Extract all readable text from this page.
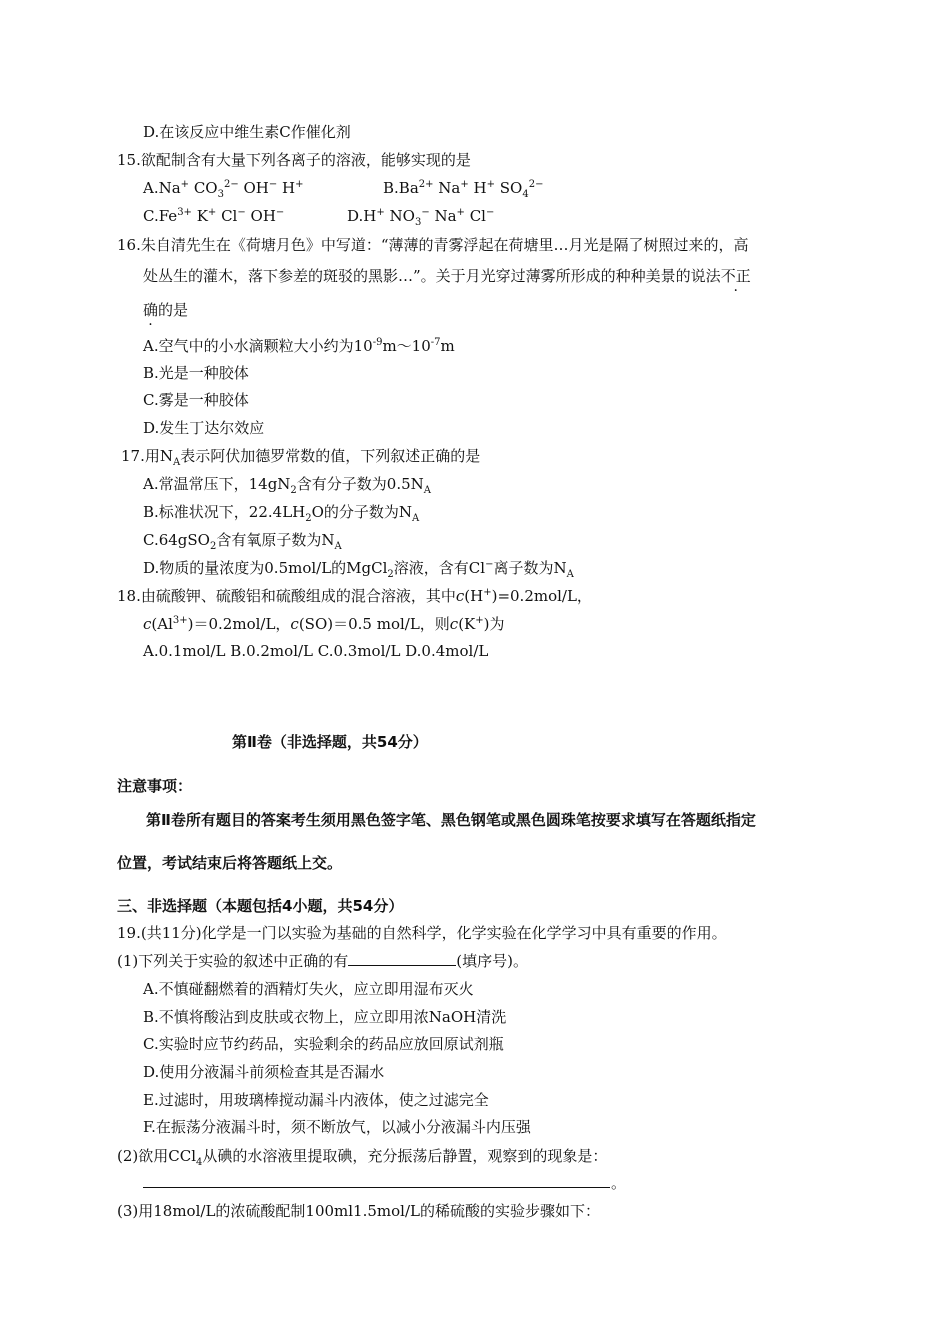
D.在该反应中维生素C作催化剂
15.欲配制含有大量下列各离子的溶液，能够实现的是
A.Na+ $CO_3^{2-}$ OH− H+	$B.Ba^{2+}$ Na+ H+ $SO_4^{2-}$
$C.Fe^{3+}$ K+ Cl− OH−	D.H+ $NO_3^-$ Na+ Cl−
16.朱自清先生在《荷塘月色》中写道：“薄薄的青雾浮起在荷塘里…月光是隔了树照过来的，高
处丛生的灌木，落下参差的斑驳的黑影…”。关于月光穿过薄雾所形成的种种美景的说法不正
确的是
A.空气中的小水滴颗粒大小约为$10^{-9}m\sim 10^{-7}m$
B.光是一种胶体
C.雾是一种胶体
D.发生丁达尔效应
17.用$N_A$表示阿伏加德罗常数的值，下列叙述正确的是
A.常温常压下，$14gN_2$含有分子数为$0.5N_A$
B.标准状况下，$22.4LH_2O$的分子数为$N_A$
C.64gSO$_2$含有氧原子数为$N_A$
D.物质的量浓度为0.5mol/L的MgCl$_2$溶液，含有Cl−离子数为$N_A$
18.由硫酸钾、硫酸铝和硫酸组成的混合溶液，其中c(H+)=0.2mol/L，
$c(Al^{3+})=0.2mol/L$，c(SO)＝0.5 mol/L，则c(K+)为
A.0.1mol/L B.0.2mol/L C.0.3mol/L D.0.4mol/L
第Ⅱ卷（非选择题，共54分）
注意事项：
第Ⅱ卷所有题目的答案考生须用黑色签字笔、黑色钢笔或黑色圆珠笔按要求填写在答题纸指定
位置，考试结束后将答题纸上交。
三、非选择题（本题包括4小题，共54分）
19.(共11分)化学是一门以实验为基础的自然科学，化学实验在化学学习中具有重要的作用。
(1)下列关于实验的叙述中正确的有	(填序号)。
A.不慎碰翻燃着的酒精灯失火，应立即用湿布灭火
B.不慎将酸沾到皮肤或衣物上，应立即用浓NaOH清洗
C.实验时应节约药品，实验剩余的药品应放回原试剂瓶
D.使用分液漏斗前须检查其是否漏水
E.过滤时，用玻璃棒搅动漏斗内液体，使之过滤完全
F.在振荡分液漏斗时，须不断放气，以减小分液漏斗内压强
(2)欲用CCl$_4$从碘的水溶液里提取碘，充分振荡后静置，观察到的现象是：
。
(3)用18mol/L的浓硫酸配制100ml1.5mol/L的稀硫酸的实验步骤如下：
